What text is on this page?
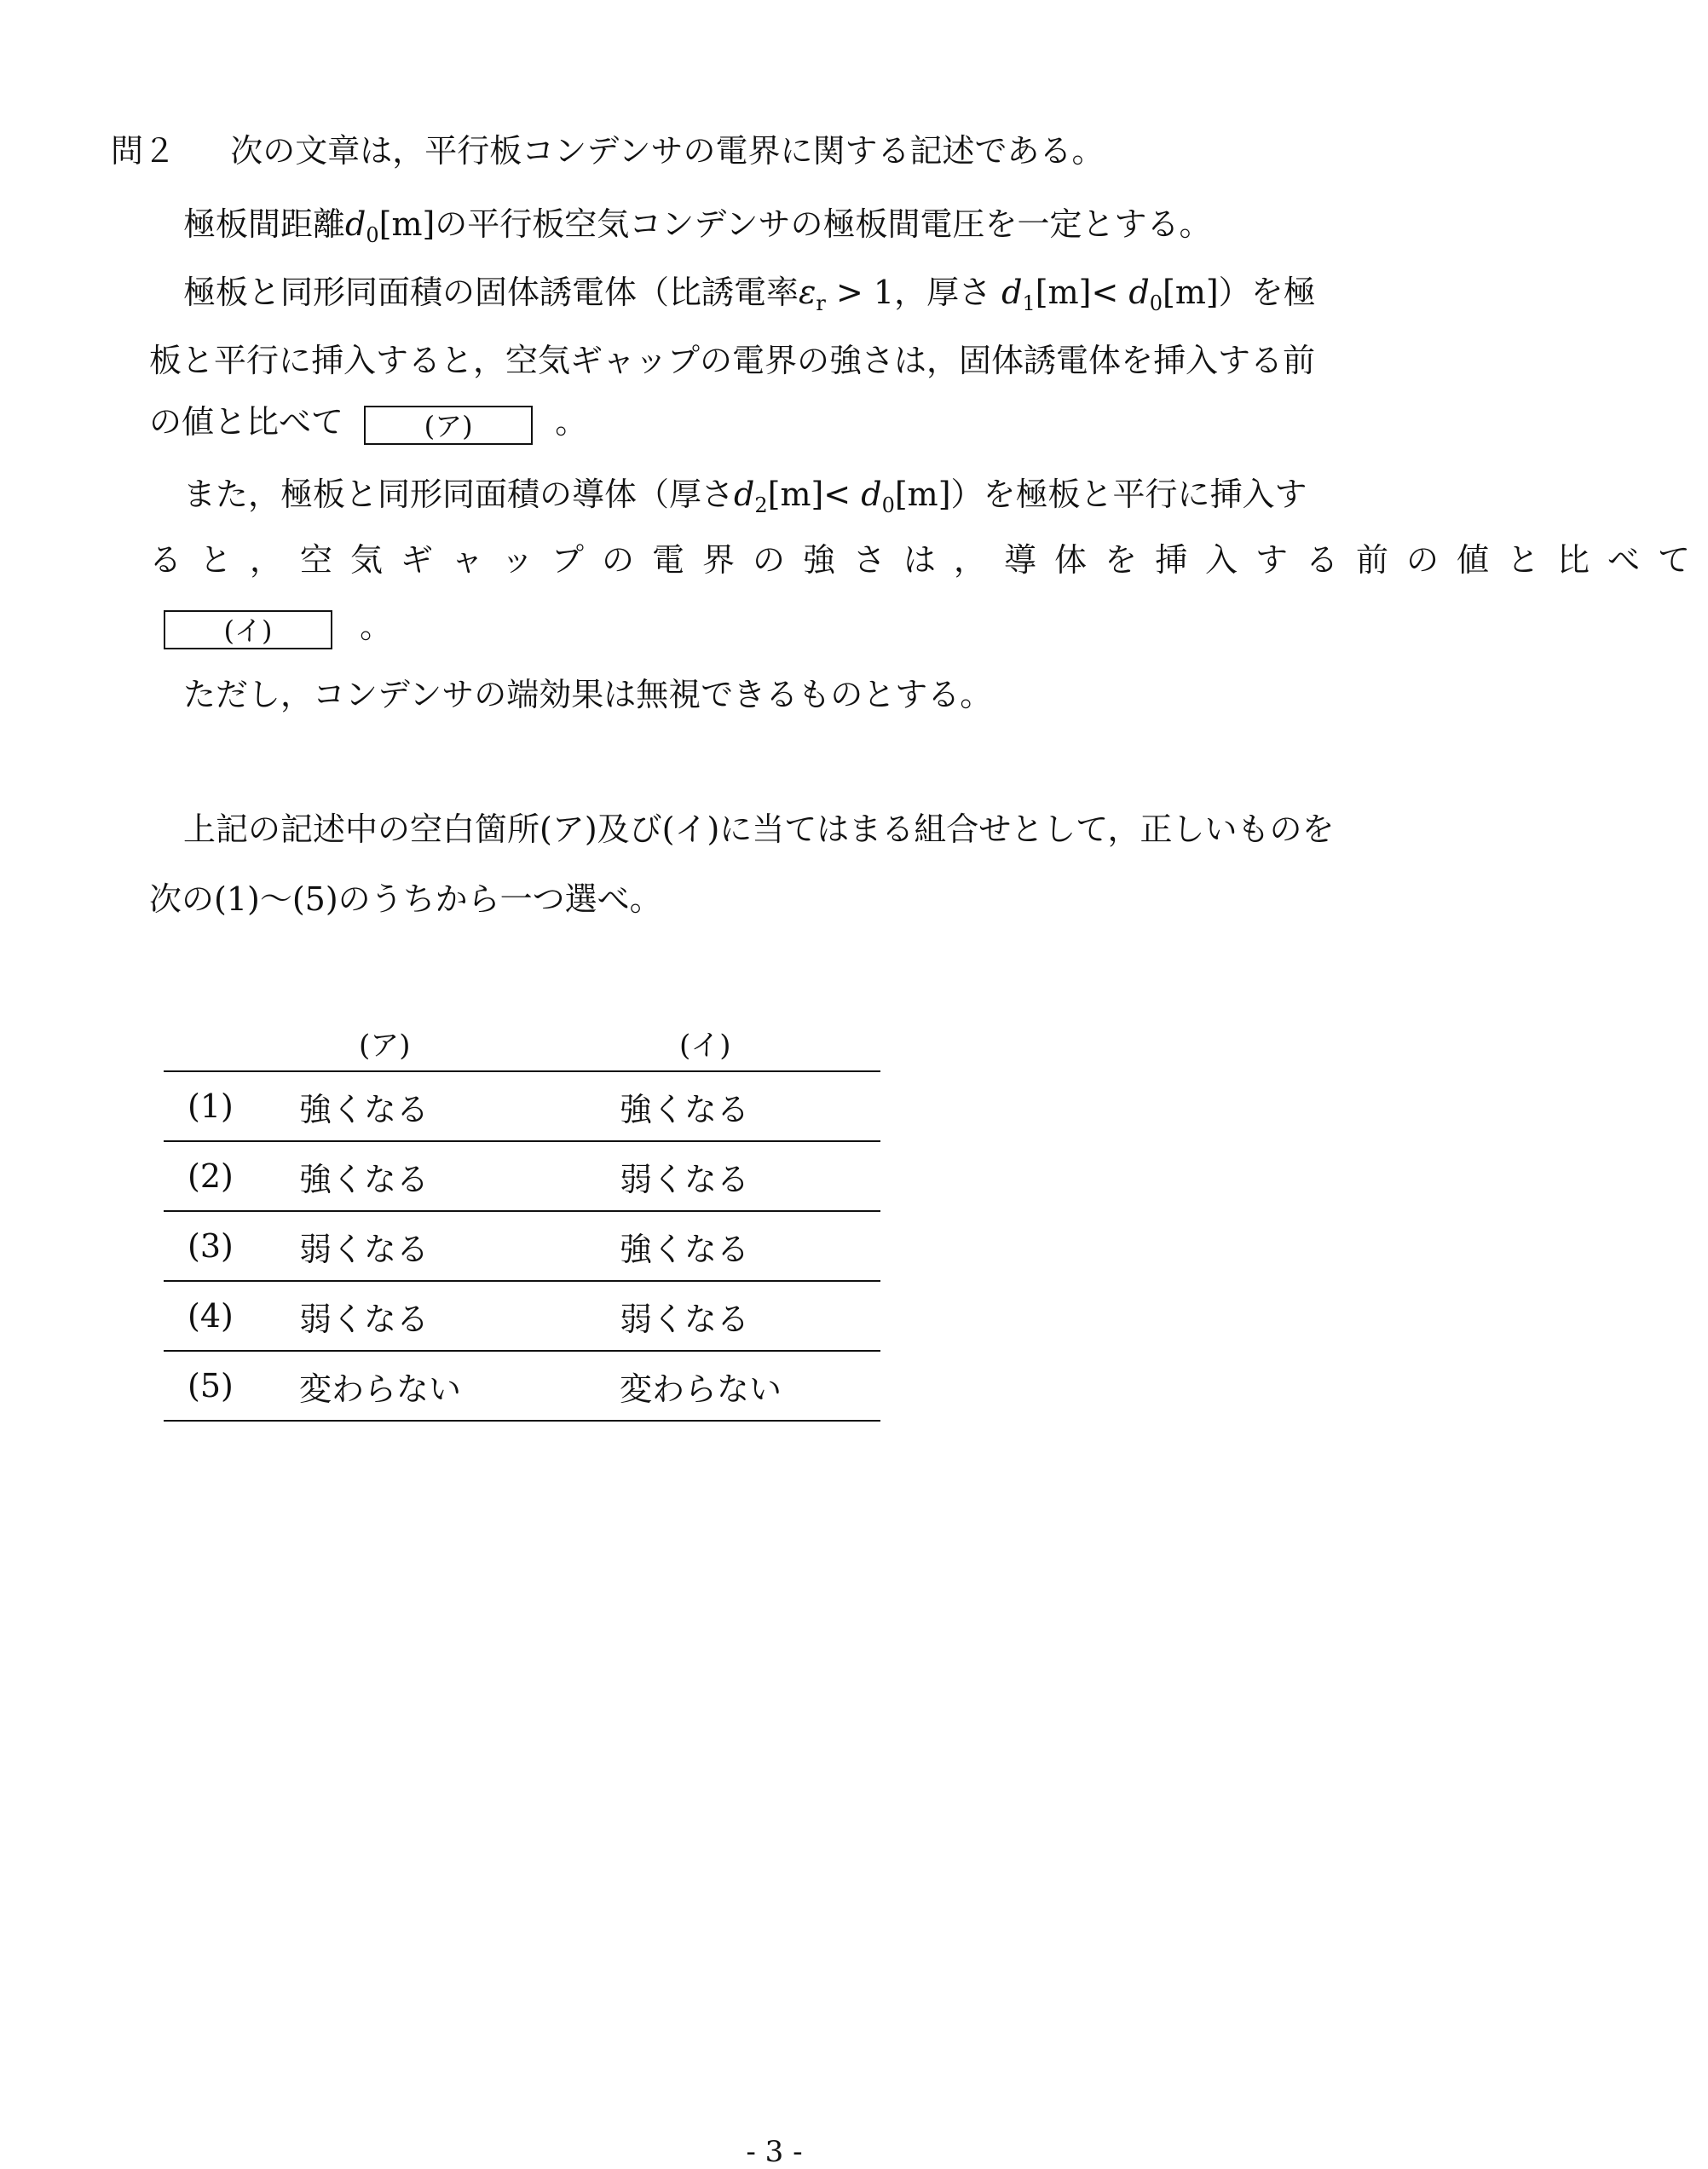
問２ 次の文章は，平行板コンデンサの電界に関する記述である。
極板間距離$d_0[m]$の平行板空気コンデンサの極板間電圧を一定とする。
極板と同形同面積の固体誘電体（比誘電率$\varepsilon_r > 1$，厚さ $d_1[m]< d_0[m]$）を極
板と平行に挿入すると，空気ギャップの電界の強さは，固体誘電体を挿入する前
の値と比べて	(ア)	。
また，極板と同形同面積の導体（厚さ$d_2[m]< d_0[m]$）を極板と平行に挿入す
ると，空気ギャップの電界の強さは，導体を挿入する前の値と比べて
(イ)	。
ただし，コンデンサの端効果は無視できるものとする。
上記の記述中の空白箇所(ア)及び(イ)に当てはまる組合せとして，正しいものを
次の(1)～(5)のうちから一つ選べ。
	(ア)	(イ)
(1)	強くなる	強くなる
(2)	強くなる	弱くなる
(3)	弱くなる	強くなる
(4)	弱くなる	弱くなる
(5)	変わらない	変わらない
- 3 -
